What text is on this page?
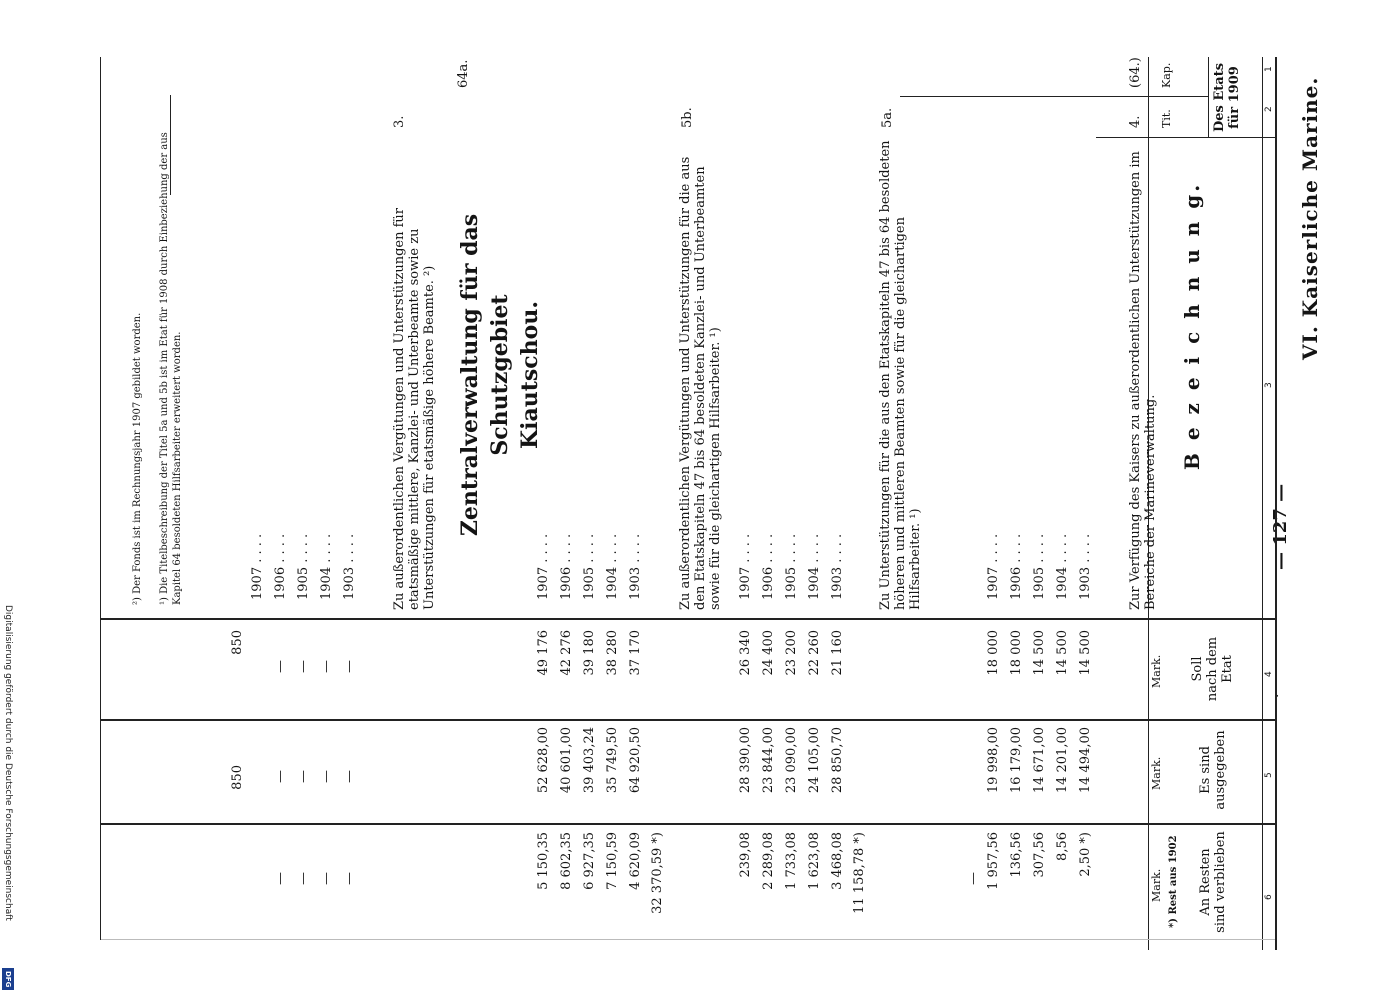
Digitalisierung gefördert durch die Deutsche Forschungsgemeinschaft
DFG
— 127 —
VI. Kaiserliche Marine.
·
1
2
3
4
5
6
Des Etats für 1909
Kap.
Tit.
B e z e i c h n u n g.
Soll nach dem Etat
Mark.
Es sind ausgegeben
Mark.
An Resten sind verblieben
*) Rest aus 1902
Mark.
(64.)
4.
Zur Verfügung des Kaisers zu außerordentlichen Unterstützungen im Bereiche der Marineverwaltung.
1903 . . . .
14 500
14 494,00
2,50 *)
1904 . . . .
14 500
14 201,00
8,56
1905 . . . .
14 500
14 671,00
307,56
1906 . . . .
18 000
16 179,00
136,56
1907 . . . .
18 000
19 998,00
1 957,56
—
5a.
Zu Unterstützungen für die aus den Etatskapiteln 47 bis 64 besoldeten höheren und mittleren Beamten sowie für die gleichartigen Hilfsarbeiter. ¹)
11 158,78 *)
1903 . . . .
21 160
28 850,70
3 468,08
1904 . . . .
22 260
24 105,00
1 623,08
1905 . . . .
23 200
23 090,00
1 733,08
1906 . . . .
24 400
23 844,00
2 289,08
1907 . . . .
26 340
28 390,00
239,08
5b.
Zu außerordentlichen Vergütungen und Unterstützungen für die aus den Etatskapiteln 47 bis 64 besoldeten Kanzlei- und Unterbeamten sowie für die gleichartigen Hilfsarbeiter. ¹)
32 370,59 *)
1903 . . . .
37 170
64 920,50
4 620,09
1904 . . . .
38 280
35 749,50
7 150,59
1905 . . . .
39 180
39 403,24
6 927,35
1906 . . . .
42 276
40 601,00
8 602,35
1907 . . . .
49 176
52 628,00
5 150,35
64a.
Zentralverwaltung für das Schutzgebiet Kiautschou.
3.
Zu außerordentlichen Vergütungen und Unterstützungen für etatsmäßige mittlere, Kanzlei- und Unterbeamte sowie zu Unterstützungen für etatsmäßige höhere Beamte. ²)
1903 . . . .
—
—
—
1904 . . . .
—
—
—
1905 . . . .
—
—
—
1906 . . . .
—
—
—
1907 . . . .
850
850
¹) Die Titelbeschreibung der Titel 5a und 5b ist im Etat für 1908 durch Einbeziehung der aus Kapitel 64 besoldeten Hilfsarbeiter erweitert worden.
²) Der Fonds ist im Rechnungsjahr 1907 gebildet worden.
